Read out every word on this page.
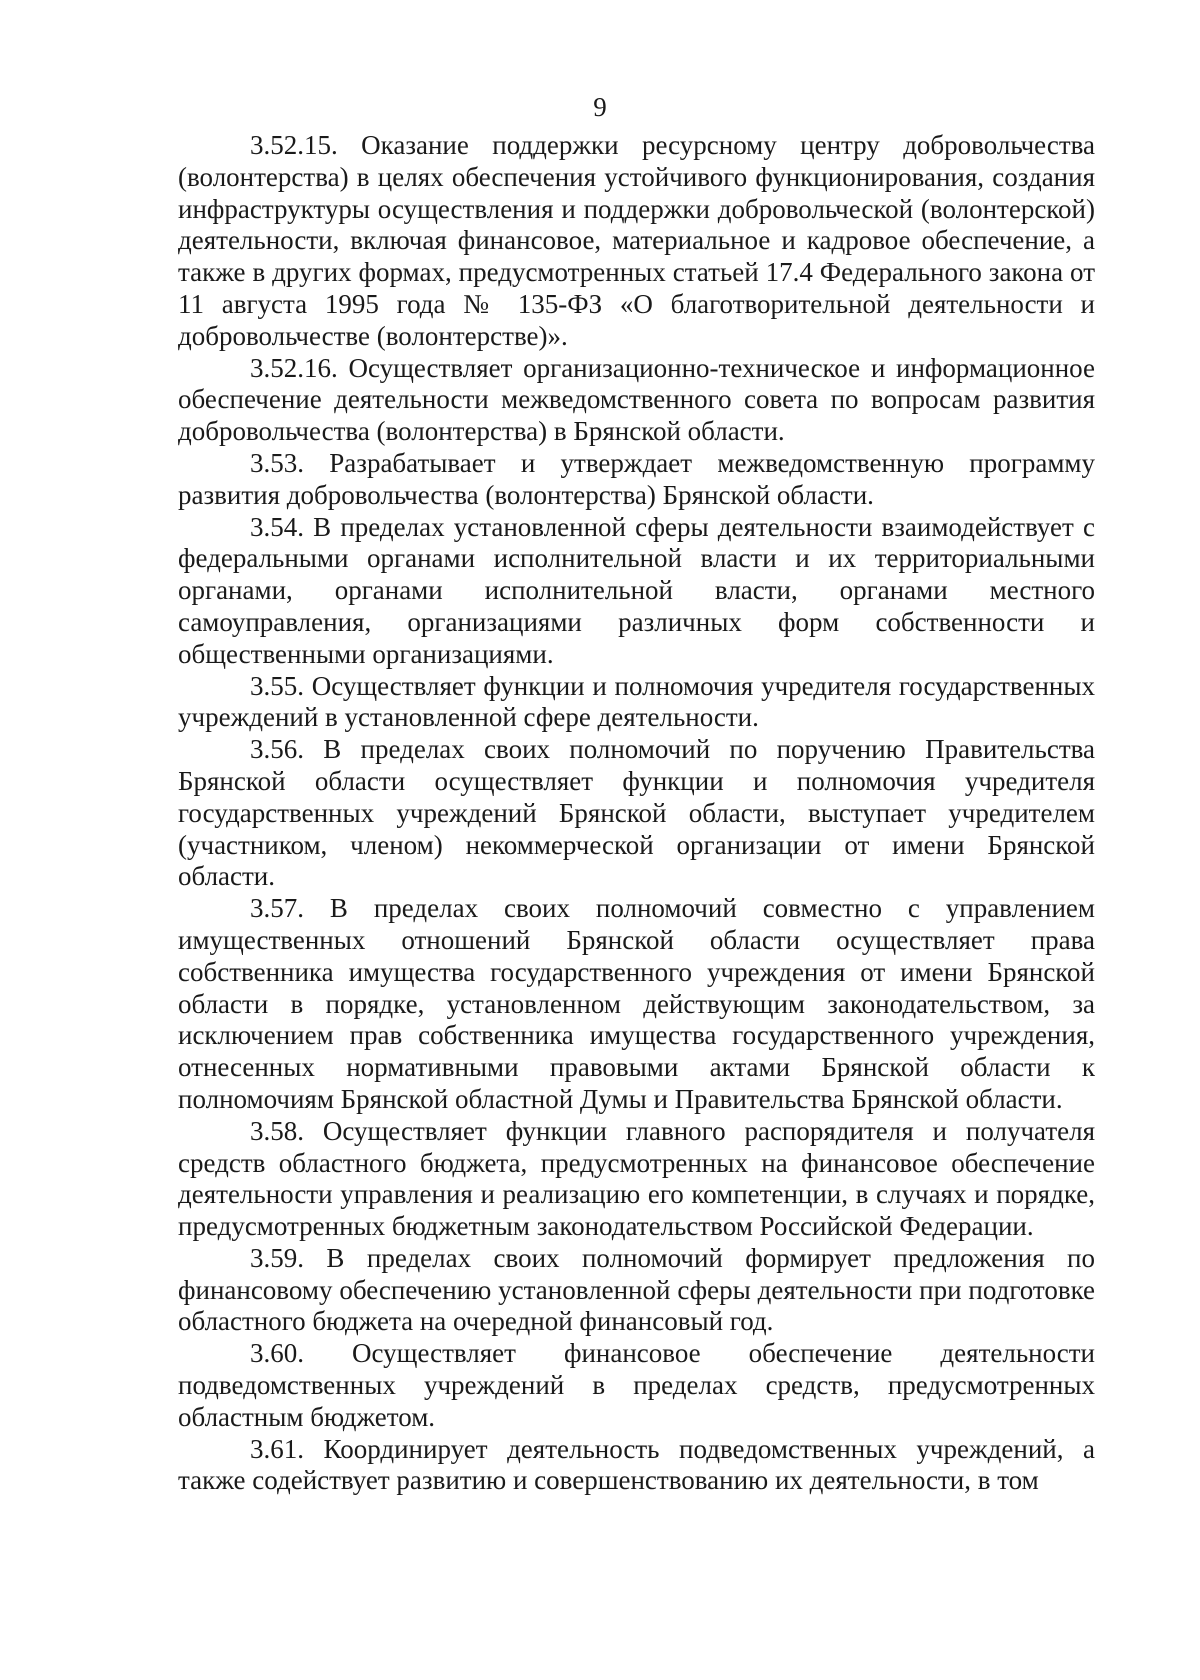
9

3.52.15. Оказание поддержки ресурсному центру добровольчества (волонтерства) в целях обеспечения устойчивого функционирования, создания инфраструктуры осуществления и поддержки добровольческой (волонтерской) деятельности, включая финансовое, материальное и кадровое обеспечение, а также в других формах, предусмотренных статьей 17.4 Федерального закона от 11 августа 1995 года № 135-ФЗ «О благотворительной деятельности и добровольчестве (волонтерстве)».

3.52.16. Осуществляет организационно-техническое и информационное обеспечение деятельности межведомственного совета по вопросам развития добровольчества (волонтерства) в Брянской области.

3.53. Разрабатывает и утверждает межведомственную программу развития добровольчества (волонтерства) Брянской области.

3.54. В пределах установленной сферы деятельности взаимодействует с федеральными органами исполнительной власти и их территориальными органами, органами исполнительной власти, органами местного самоуправления, организациями различных форм собственности и общественными организациями.

3.55. Осуществляет функции и полномочия учредителя государственных учреждений в установленной сфере деятельности.

3.56. В пределах своих полномочий по поручению Правительства Брянской области осуществляет функции и полномочия учредителя государственных учреждений Брянской области, выступает учредителем (участником, членом) некоммерческой организации от имени Брянской области.

3.57. В пределах своих полномочий совместно с управлением имущественных отношений Брянской области осуществляет права собственника имущества государственного учреждения от имени Брянской области в порядке, установленном действующим законодательством, за исключением прав собственника имущества государственного учреждения, отнесенных нормативными правовыми актами Брянской области к полномочиям Брянской областной Думы и Правительства Брянской области.

3.58. Осуществляет функции главного распорядителя и получателя средств областного бюджета, предусмотренных на финансовое обеспечение деятельности управления и реализацию его компетенции, в случаях и порядке, предусмотренных бюджетным законодательством Российской Федерации.

3.59. В пределах своих полномочий формирует предложения по финансовому обеспечению установленной сферы деятельности при подготовке областного бюджета на очередной финансовый год.

3.60. Осуществляет финансовое обеспечение деятельности подведомственных учреждений в пределах средств, предусмотренных областным бюджетом.

3.61. Координирует деятельность подведомственных учреждений, а также содействует развитию и совершенствованию их деятельности, в том
